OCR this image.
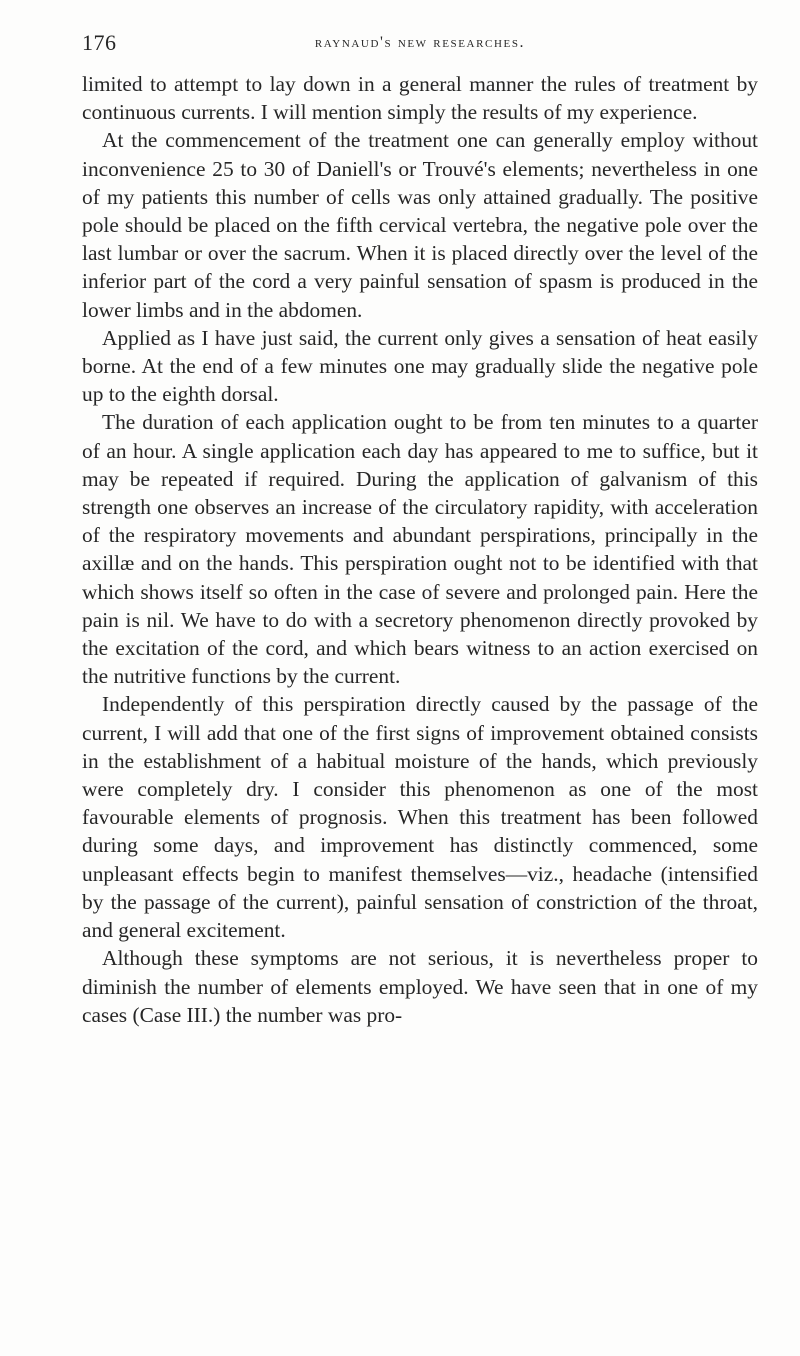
176	raynaud's new researches.

limited to attempt to lay down in a general manner the rules of treatment by continuous currents. I will mention simply the results of my experience.

At the commencement of the treatment one can generally employ without inconvenience 25 to 30 of Daniell's or Trouvé's elements; nevertheless in one of my patients this number of cells was only attained gradually. The positive pole should be placed on the fifth cervical vertebra, the negative pole over the last lumbar or over the sacrum. When it is placed directly over the level of the inferior part of the cord a very painful sensation of spasm is produced in the lower limbs and in the abdomen.

Applied as I have just said, the current only gives a sensation of heat easily borne. At the end of a few minutes one may gradually slide the negative pole up to the eighth dorsal.

The duration of each application ought to be from ten minutes to a quarter of an hour. A single application each day has appeared to me to suffice, but it may be repeated if required. During the application of galvanism of this strength one observes an increase of the circulatory rapidity, with acceleration of the respiratory movements and abundant perspirations, principally in the axillæ and on the hands. This perspiration ought not to be identified with that which shows itself so often in the case of severe and prolonged pain. Here the pain is nil. We have to do with a secretory phenomenon directly provoked by the excitation of the cord, and which bears witness to an action exercised on the nutritive functions by the current.

Independently of this perspiration directly caused by the passage of the current, I will add that one of the first signs of improvement obtained consists in the establishment of a habitual moisture of the hands, which previously were completely dry. I consider this phenomenon as one of the most favourable elements of prognosis. When this treatment has been followed during some days, and improvement has distinctly commenced, some unpleasant effects begin to manifest themselves—viz., headache (intensified by the passage of the current), painful sensation of constriction of the throat, and general excitement.

Although these symptoms are not serious, it is nevertheless proper to diminish the number of elements employed. We have seen that in one of my cases (Case III.) the number was pro-
